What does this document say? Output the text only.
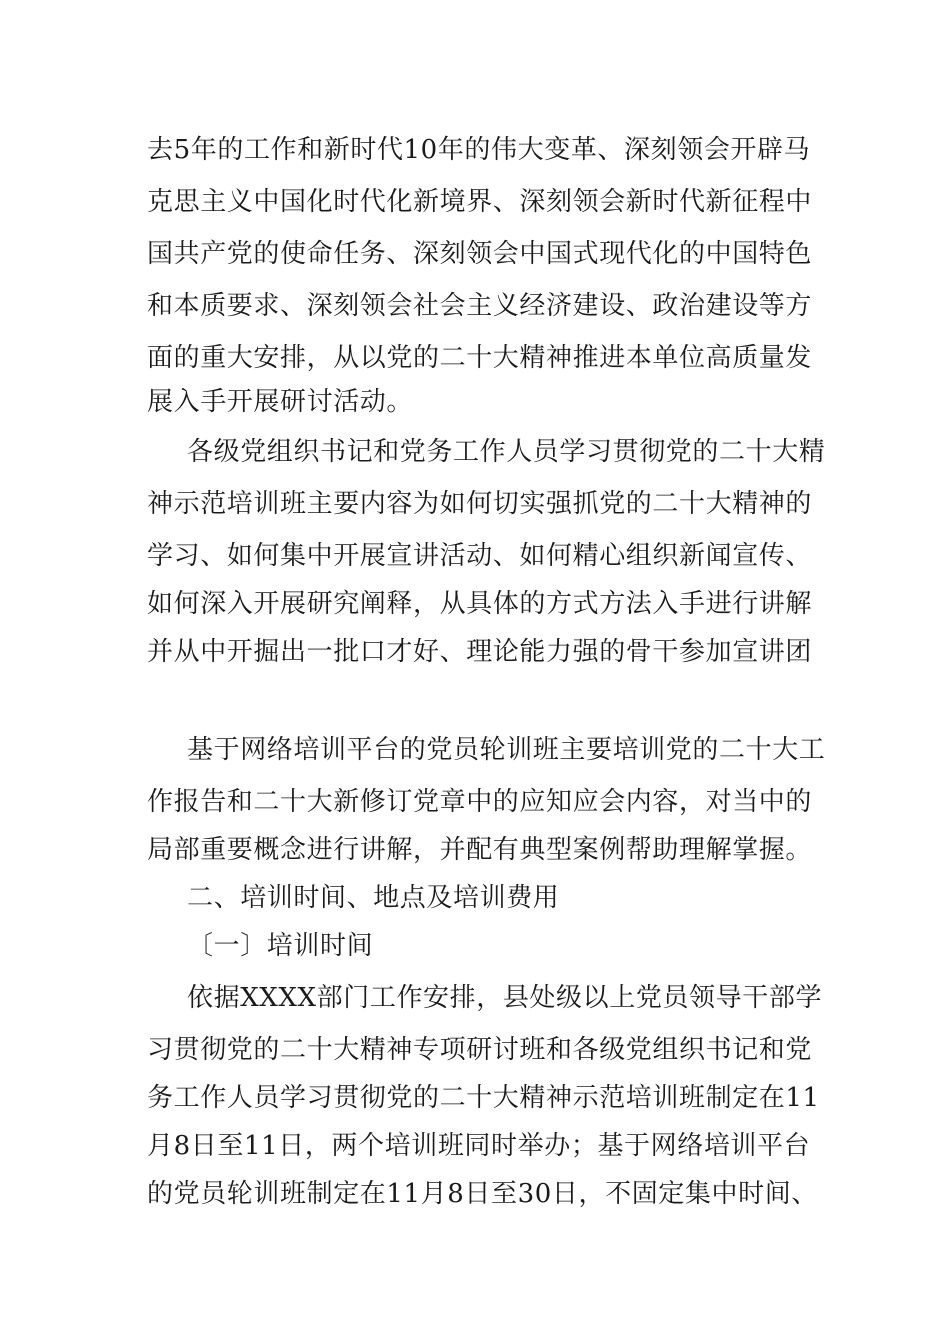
去5年的工作和新时代10年的伟大变革、深刻领会开辟马
克思主义中国化时代化新境界、深刻领会新时代新征程中
国共产党的使命任务、深刻领会中国式现代化的中国特色
和本质要求、深刻领会社会主义经济建设、政治建设等方
面的重大安排，从以党的二十大精神推进本单位高质量发
展入手开展研讨活动。
各级党组织书记和党务工作人员学习贯彻党的二十大精
神示范培训班主要内容为如何切实强抓党的二十大精神的
学习、如何集中开展宣讲活动、如何精心组织新闻宣传、
如何深入开展研究阐释，从具体的方式方法入手进行讲解
并从中开掘出一批口才好、理论能力强的骨干参加宣讲团
基于网络培训平台的党员轮训班主要培训党的二十大工
作报告和二十大新修订党章中的应知应会内容，对当中的
局部重要概念进行讲解，并配有典型案例帮助理解掌握。
二、培训时间、地点及培训费用
〔一〕培训时间
依据XXXX部门工作安排，县处级以上党员领导干部学
习贯彻党的二十大精神专项研讨班和各级党组织书记和党
务工作人员学习贯彻党的二十大精神示范培训班制定在11
月8日至11日，两个培训班同时举办；基于网络培训平台
的党员轮训班制定在11月8日至30日，不固定集中时间、
